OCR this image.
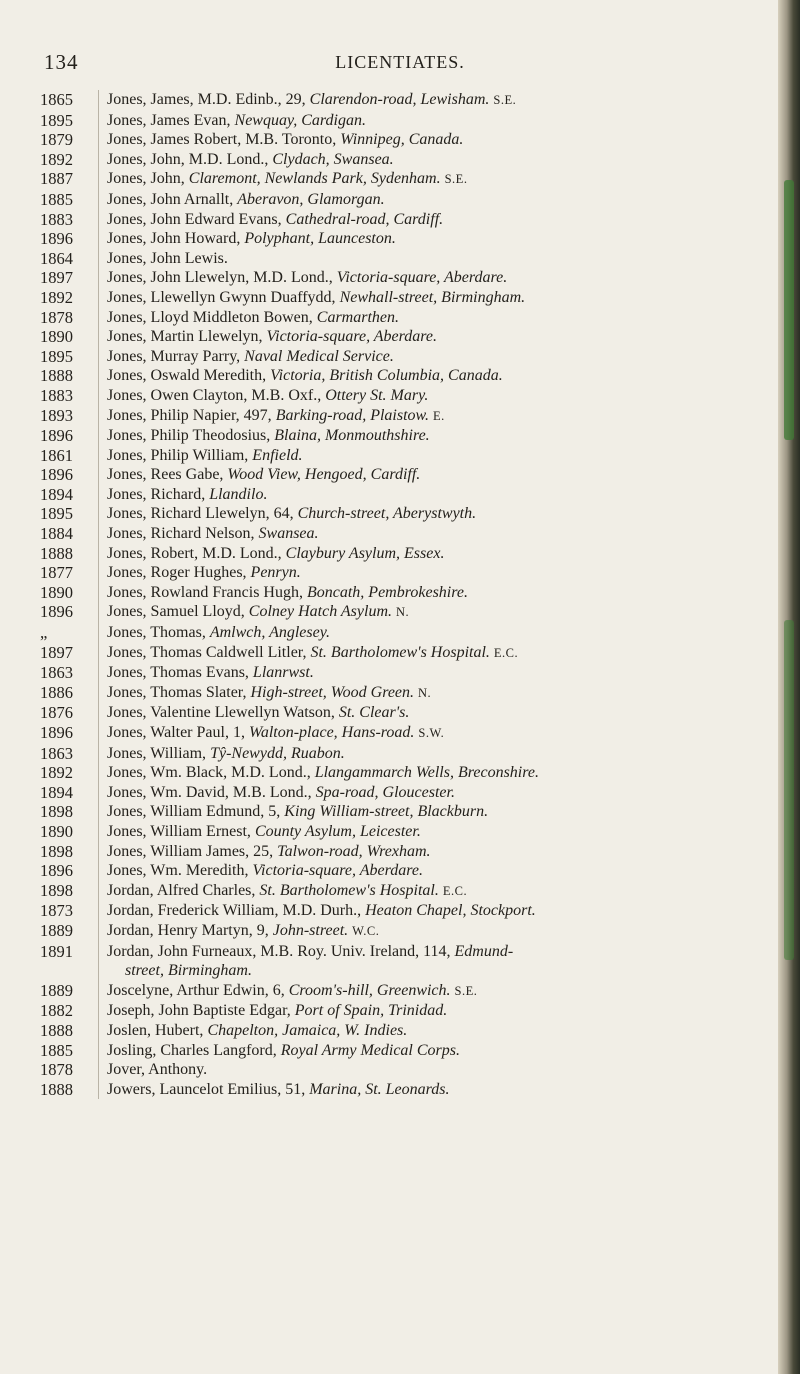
134	LICENTIATES.
1865	Jones, James, M.D. Edinb., 29, Clarendon-road, Lewisham. S.E.
1895	Jones, James Evan, Newquay, Cardigan.
1879	Jones, James Robert, M.B. Toronto, Winnipeg, Canada.
1892	Jones, John, M.D. Lond., Clydach, Swansea.
1887	Jones, John, Claremont, Newlands Park, Sydenham. S.E.
1885	Jones, John Arnallt, Aberavon, Glamorgan.
1883	Jones, John Edward Evans, Cathedral-road, Cardiff.
1896	Jones, John Howard, Polyphant, Launceston.
1864	Jones, John Lewis.
1897	Jones, John Llewelyn, M.D. Lond., Victoria-square, Aberdare.
1892	Jones, Llewellyn Gwynn Duaffydd, Newhall-street, Birmingham.
1878	Jones, Lloyd Middleton Bowen, Carmarthen.
1890	Jones, Martin Llewelyn, Victoria-square, Aberdare.
1895	Jones, Murray Parry, Naval Medical Service.
1888	Jones, Oswald Meredith, Victoria, British Columbia, Canada.
1883	Jones, Owen Clayton, M.B. Oxf., Ottery St. Mary.
1893	Jones, Philip Napier, 497, Barking-road, Plaistow. E.
1896	Jones, Philip Theodosius, Blaina, Monmouthshire.
1861	Jones, Philip William, Enfield.
1896	Jones, Rees Gabe, Wood View, Hengoed, Cardiff.
1894	Jones, Richard, Llandilo.
1895	Jones, Richard Llewelyn, 64, Church-street, Aberystwyth.
1884	Jones, Richard Nelson, Swansea.
1888	Jones, Robert, M.D. Lond., Claybury Asylum, Essex.
1877	Jones, Roger Hughes, Penryn.
1890	Jones, Rowland Francis Hugh, Boncath, Pembrokeshire.
1896	Jones, Samuel Lloyd, Colney Hatch Asylum. N.
„	Jones, Thomas, Amlwch, Anglesey.
1897	Jones, Thomas Caldwell Litler, St. Bartholomew's Hospital. E.C.
1863	Jones, Thomas Evans, Llanrwst.
1886	Jones, Thomas Slater, High-street, Wood Green. N.
1876	Jones, Valentine Llewellyn Watson, St. Clear's.
1896	Jones, Walter Paul, 1, Walton-place, Hans-road. S.W.
1863	Jones, William, Tŷ-Newydd, Ruabon.
1892	Jones, Wm. Black, M.D. Lond., Llangammarch Wells, Breconshire.
1894	Jones, Wm. David, M.B. Lond., Spa-road, Gloucester.
1898	Jones, William Edmund, 5, King William-street, Blackburn.
1890	Jones, William Ernest, County Asylum, Leicester.
1898	Jones, William James, 25, Talwon-road, Wrexham.
1896	Jones, Wm. Meredith, Victoria-square, Aberdare.
1898	Jordan, Alfred Charles, St. Bartholomew's Hospital. E.C.
1873	Jordan, Frederick William, M.D. Durh., Heaton Chapel, Stockport.
1889	Jordan, Henry Martyn, 9, John-street. W.C.
1891	Jordan, John Furneaux, M.B. Roy. Univ. Ireland, 114, Edmund-
street, Birmingham.
1889	Joscelyne, Arthur Edwin, 6, Croom's-hill, Greenwich. S.E.
1882	Joseph, John Baptiste Edgar, Port of Spain, Trinidad.
1888	Joslen, Hubert, Chapelton, Jamaica, W. Indies.
1885	Josling, Charles Langford, Royal Army Medical Corps.
1878	Jover, Anthony.
1888	Jowers, Launcelot Emilius, 51, Marina, St. Leonards.
